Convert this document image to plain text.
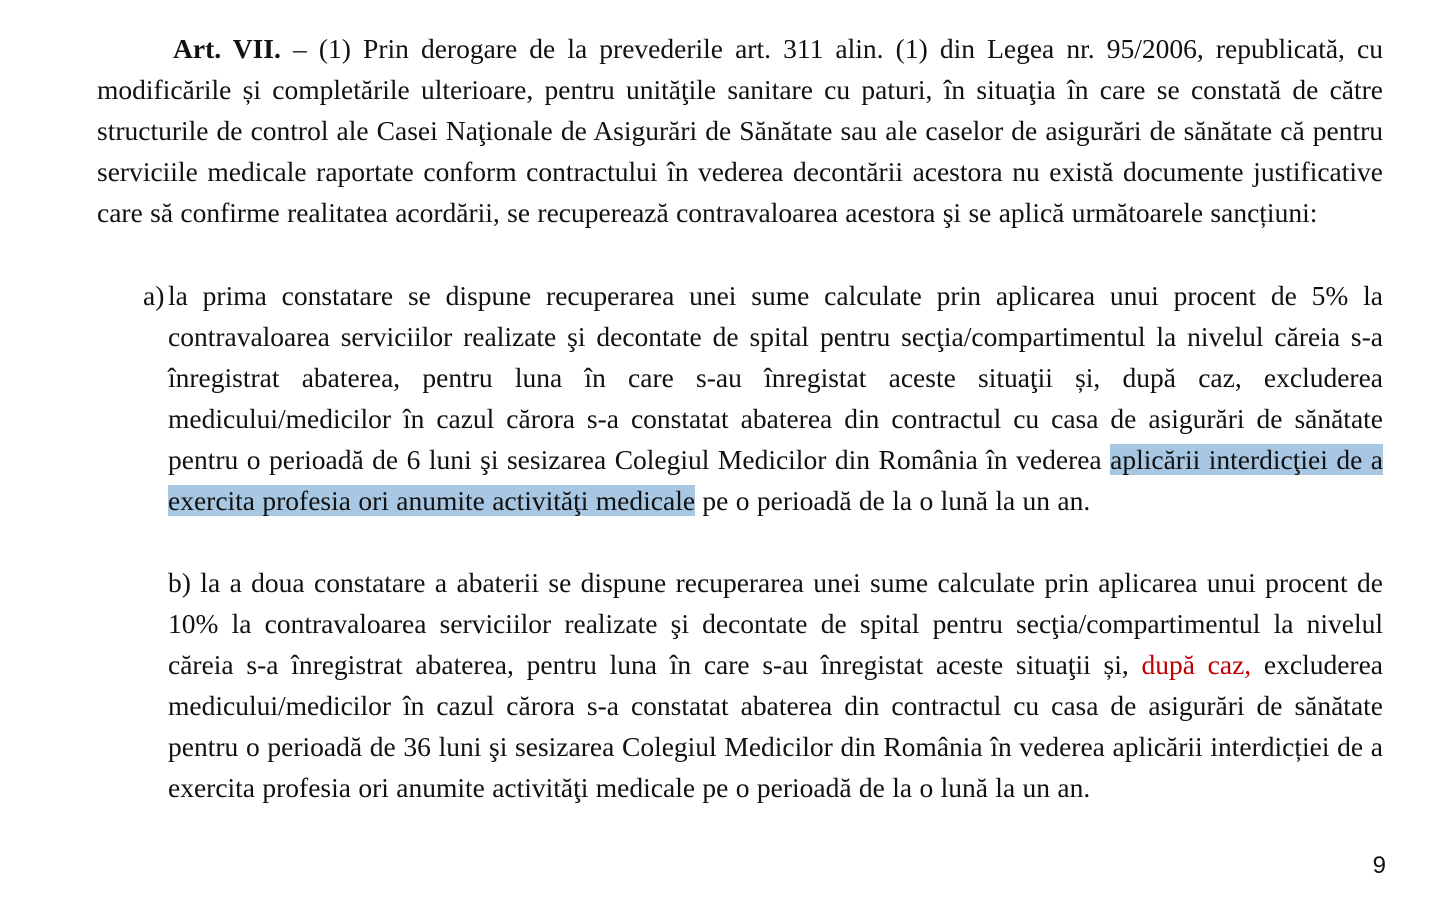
Art. VII. – (1) Prin derogare de la prevederile art. 311 alin. (1) din Legea nr. 95/2006, republicată, cu modificările și completările ulterioare, pentru unităţile sanitare cu paturi, în situaţia în care se constată de către structurile de control ale Casei Naţionale de Asigurări de Sănătate sau ale caselor de asigurări de sănătate că pentru serviciile medicale raportate conform contractului în vederea decontării acestora nu există documente justificative care să confirme realitatea acordării, se recuperează contravaloarea acestora şi se aplică următoarele sancțiuni:

a) la prima constatare se dispune recuperarea unei sume calculate prin aplicarea unui procent de 5% la contravaloarea serviciilor realizate şi decontate de spital pentru secţia/compartimentul la nivelul căreia s-a înregistrat abaterea, pentru luna în care s-au înregistat aceste situaţii și, după caz, excluderea medicului/medicilor în cazul cărora s-a constatat abaterea din contractul cu casa de asigurări de sănătate pentru o perioadă de 6 luni şi sesizarea Colegiul Medicilor din România în vederea aplicării interdicţiei de a exercita profesia ori anumite activităţi medicale pe o perioadă de la o lună la un an.

b) la a doua constatare a abaterii se dispune recuperarea unei sume calculate prin aplicarea unui procent de 10% la contravaloarea serviciilor realizate şi decontate de spital pentru secţia/compartimentul la nivelul căreia s-a înregistrat abaterea, pentru luna în care s-au înregistat aceste situaţii și, după caz, excluderea medicului/medicilor în cazul cărora s-a constatat abaterea din contractul cu casa de asigurări de sănătate pentru o perioadă de 36 luni şi sesizarea Colegiul Medicilor din România în vederea aplicării interdicției de a exercita profesia ori anumite activităţi medicale pe o perioadă de la o lună la un an.

9
